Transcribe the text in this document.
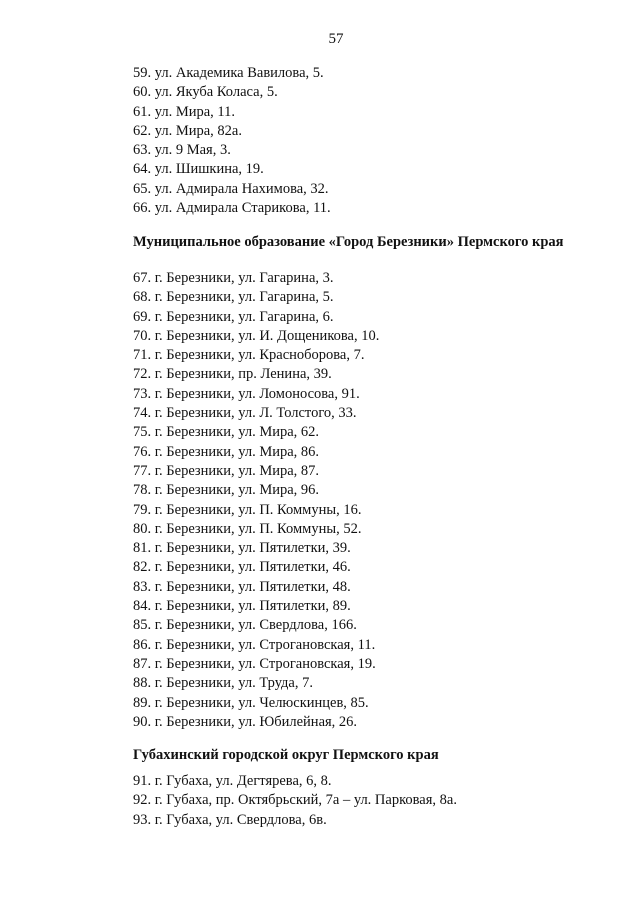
57
59. ул. Академика Вавилова, 5.
60. ул. Якуба Коласа, 5.
61. ул. Мира, 11.
62. ул. Мира, 82а.
63. ул. 9 Мая, 3.
64. ул. Шишкина, 19.
65. ул. Адмирала Нахимова, 32.
66. ул. Адмирала Старикова, 11.

Муниципальное образование «Город Березники» Пермского края

67. г. Березники, ул. Гагарина, 3.
68. г. Березники, ул. Гагарина, 5.
69. г. Березники, ул. Гагарина, 6.
70. г. Березники, ул. И. Дощеникова, 10.
71. г. Березники, ул. Красноборова, 7.
72. г. Березники, пр. Ленина, 39.
73. г. Березники, ул. Ломоносова, 91.
74. г. Березники, ул. Л. Толстого, 33.
75. г. Березники, ул. Мира, 62.
76. г. Березники, ул. Мира, 86.
77. г. Березники, ул. Мира, 87.
78. г. Березники, ул. Мира, 96.
79. г. Березники, ул. П. Коммуны, 16.
80. г. Березники, ул. П. Коммуны, 52.
81. г. Березники, ул. Пятилетки, 39.
82. г. Березники, ул. Пятилетки, 46.
83. г. Березники, ул. Пятилетки, 48.
84. г. Березники, ул. Пятилетки, 89.
85. г. Березники, ул. Свердлова, 166.
86. г. Березники, ул. Строгановская, 11.
87. г. Березники, ул. Строгановская, 19.
88. г. Березники, ул. Труда, 7.
89. г. Березники, ул. Челюскинцев, 85.
90. г. Березники, ул. Юбилейная, 26.

Губахинский городской округ Пермского края

91. г. Губаха, ул. Дегтярева, 6, 8.
92. г. Губаха, пр. Октябрьский, 7а – ул. Парковая, 8а.
93. г. Губаха, ул. Свердлова, 6в.
